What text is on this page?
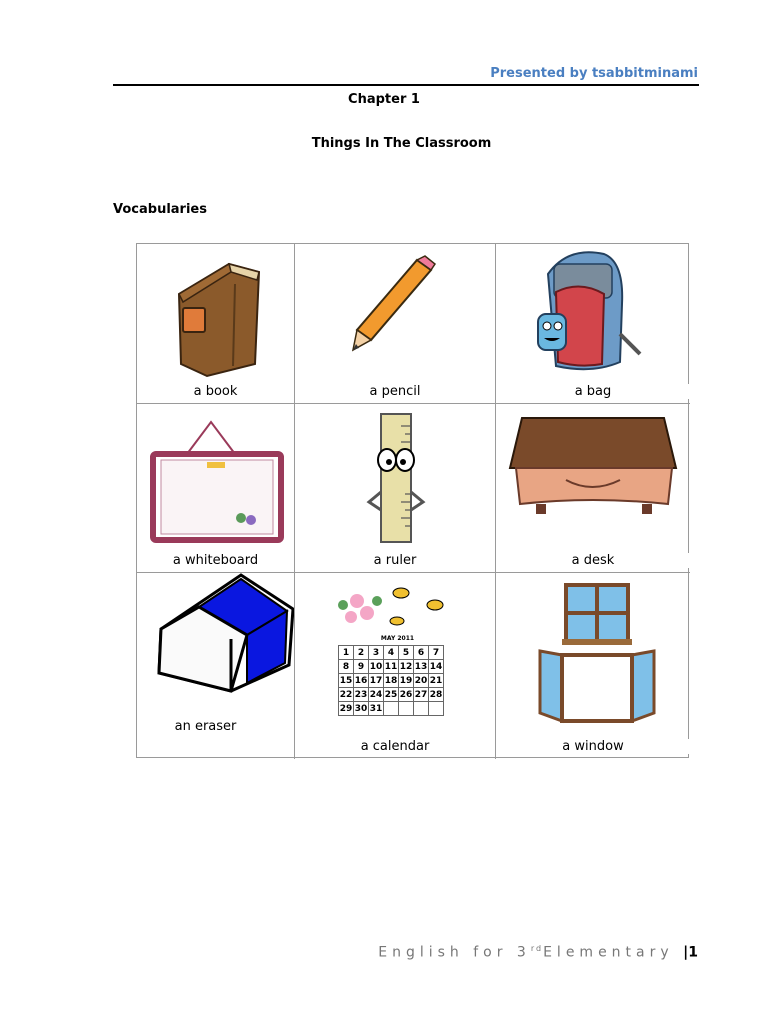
Presented by tsabbitminami
Chapter 1
Things In The Classroom
Vocabularies
a book	a pencil	a bag
a whiteboard	a ruler	a desk
an eraser
MAY 2011
1	2	3	4	5	6	7
8	9	10	11	12	13	14
15	16	17	18	19	20	21
22	23	24	25	26	27	28
29	30	31				
a calendar	a window
English for 3rdElementary |1
